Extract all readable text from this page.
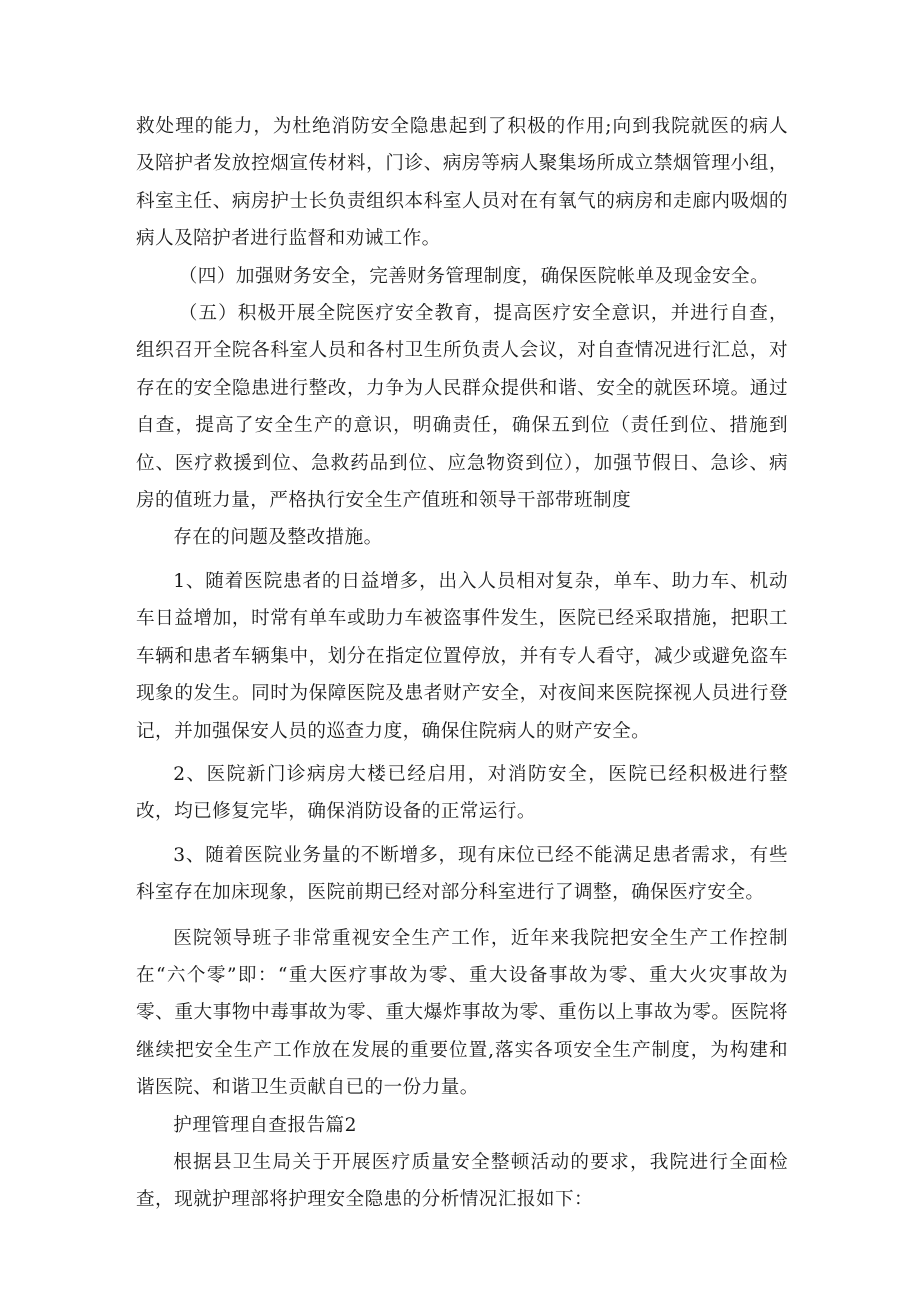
救处理的能力，为杜绝消防安全隐患起到了积极的作用;向到我院就医的病人及陪护者发放控烟宣传材料，门诊、病房等病人聚集场所成立禁烟管理小组，科室主任、病房护士长负责组织本科室人员对在有氧气的病房和走廊内吸烟的病人及陪护者进行监督和劝诫工作。

（四）加强财务安全，完善财务管理制度，确保医院帐单及现金安全。

（五）积极开展全院医疗安全教育，提高医疗安全意识，并进行自查，组织召开全院各科室人员和各村卫生所负责人会议，对自查情况进行汇总，对存在的安全隐患进行整改，力争为人民群众提供和谐、安全的就医环境。通过自查，提高了安全生产的意识，明确责任，确保五到位（责任到位、措施到位、医疗救援到位、急救药品到位、应急物资到位），加强节假日、急诊、病房的值班力量，严格执行安全生产值班和领导干部带班制度

存在的问题及整改措施。

1、随着医院患者的日益增多，出入人员相对复杂，单车、助力车、机动车日益增加，时常有单车或助力车被盗事件发生，医院已经采取措施，把职工车辆和患者车辆集中，划分在指定位置停放，并有专人看守，减少或避免盗车现象的发生。同时为保障医院及患者财产安全，对夜间来医院探视人员进行登记，并加强保安人员的巡查力度，确保住院病人的财产安全。

2、医院新门诊病房大楼已经启用，对消防安全，医院已经积极进行整改，均已修复完毕，确保消防设备的正常运行。

3、随着医院业务量的不断增多，现有床位已经不能满足患者需求，有些科室存在加床现象，医院前期已经对部分科室进行了调整，确保医疗安全。

医院领导班子非常重视安全生产工作，近年来我院把安全生产工作控制在“六个零”即：“重大医疗事故为零、重大设备事故为零、重大火灾事故为零、重大事物中毒事故为零、重大爆炸事故为零、重伤以上事故为零。医院将继续把安全生产工作放在发展的重要位置,落实各项安全生产制度，为构建和谐医院、和谐卫生贡献自已的一份力量。

护理管理自查报告篇2

根据县卫生局关于开展医疗质量安全整顿活动的要求，我院进行全面检查，现就护理部将护理安全隐患的分析情况汇报如下：
